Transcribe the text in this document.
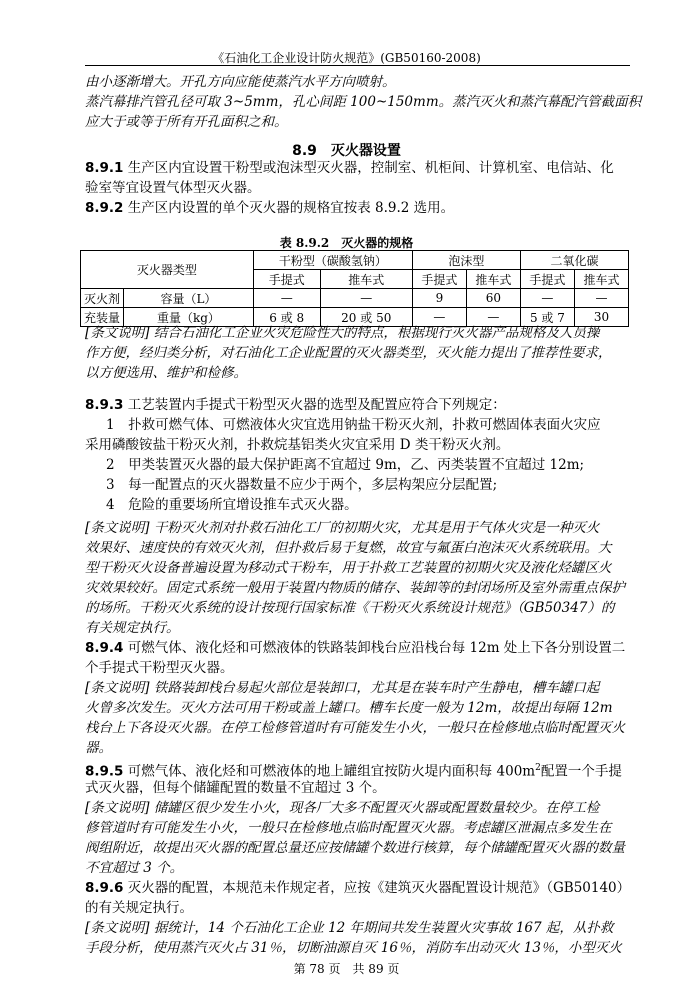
《石油化工企业设计防火规范》(GB50160-2008)
由小逐渐增大。开孔方向应能使蒸汽水平方向喷射。
蒸汽幕排汽管孔径可取 3~5mm，孔心间距 100~150mm。蒸汽灭火和蒸汽幕配汽管截面积
应大于或等于所有开孔面积之和。
8.9　灭火器设置
8.9.1 生产区内宜设置干粉型或泡沫型灭火器，控制室、机柜间、计算机室、电信站、化
验室等宜设置气体型灭火器。
8.9.2 生产区内设置的单个灭火器的规格宜按表 8.9.2 选用。
表 8.9.2　灭火器的规格
灭火器类型		干粉型（碳酸氢钠）		泡沫型		二氧化碳	
		手提式	推车式	手提式	推车式	手提式	推车式
灭火剂	容量（L）	—	—	9	60	—	—
充装量	重量（kg）	6 或 8	20 或 50	—	—	5 或 7	30
[条文说明] 结合石油化工企业火灾危险性大的特点，根据现行灭火器产品规格及人员操
作方便，经归类分析，对石油化工企业配置的灭火器类型，灭火能力提出了推荐性要求，
以方便选用、维护和检修。
8.9.3 工艺装置内手提式干粉型灭火器的选型及配置应符合下列规定：
1　扑救可燃气体、可燃液体火灾宜选用钠盐干粉灭火剂，扑救可燃固体表面火灾应
采用磷酸铵盐干粉灭火剂，扑救烷基铝类火灾宜采用 D 类干粉灭火剂。
2　甲类装置灭火器的最大保护距离不宜超过 9m，乙、丙类装置不宜超过 12m;
3　每一配置点的灭火器数量不应少于两个，多层构架应分层配置;
4　危险的重要场所宜增设推车式灭火器。
[条文说明] 干粉灭火剂对扑救石油化工厂的初期火灾，尤其是用于气体火灾是一种灭火
效果好、速度快的有效灭火剂，但扑救后易于复燃，故宜与氟蛋白泡沫灭火系统联用。大
型干粉灭火设备普遍设置为移动式干粉车，用于扑救工艺装置的初期火灾及液化烃罐区火
灾效果较好。固定式系统一般用于装置内物质的储存、装卸等的封闭场所及室外需重点保护
的场所。干粉灭火系统的设计按现行国家标准《干粉灭火系统设计规范》（GB50347）的
有关规定执行。
8.9.4 可燃气体、液化烃和可燃液体的铁路装卸栈台应沿栈台每 12m 处上下各分别设置二
个手提式干粉型灭火器。
[条文说明] 铁路装卸栈台易起火部位是装卸口，尤其是在装车时产生静电，槽车罐口起
火曾多次发生。灭火方法可用干粉或盖上罐口。槽车长度一般为 12m，故提出每隔 12m
栈台上下各设灭火器。在停工检修管道时有可能发生小火，一般只在检修地点临时配置灭火
器。
8.9.5 可燃气体、液化烃和可燃液体的地上罐组宜按防火堤内面积每 $400m^2$配置一个手提
式灭火器，但每个储罐配置的数量不宜超过 3 个。
[条文说明] 储罐区很少发生小火，现各厂大多不配置灭火器或配置数量较少。在停工检
修管道时有可能发生小火，一般只在检修地点临时配置灭火器。考虑罐区泄漏点多发生在
阀组附近，故提出灭火器的配置总量还应按储罐个数进行核算，每个储罐配置灭火器的数量
不宜超过 3 个。
8.9.6 灭火器的配置，本规范未作规定者，应按《建筑灭火器配置设计规范》（GB50140）
的有关规定执行。
[条文说明] 据统计，14 个石油化工企业 12 年期间共发生装置火灾事故 167 起，从扑救
手段分析，使用蒸汽灭火占 31％，切断油源自灭 16％，消防车出动灭火 13％，小型灭火
第 78 页　共 89 页
